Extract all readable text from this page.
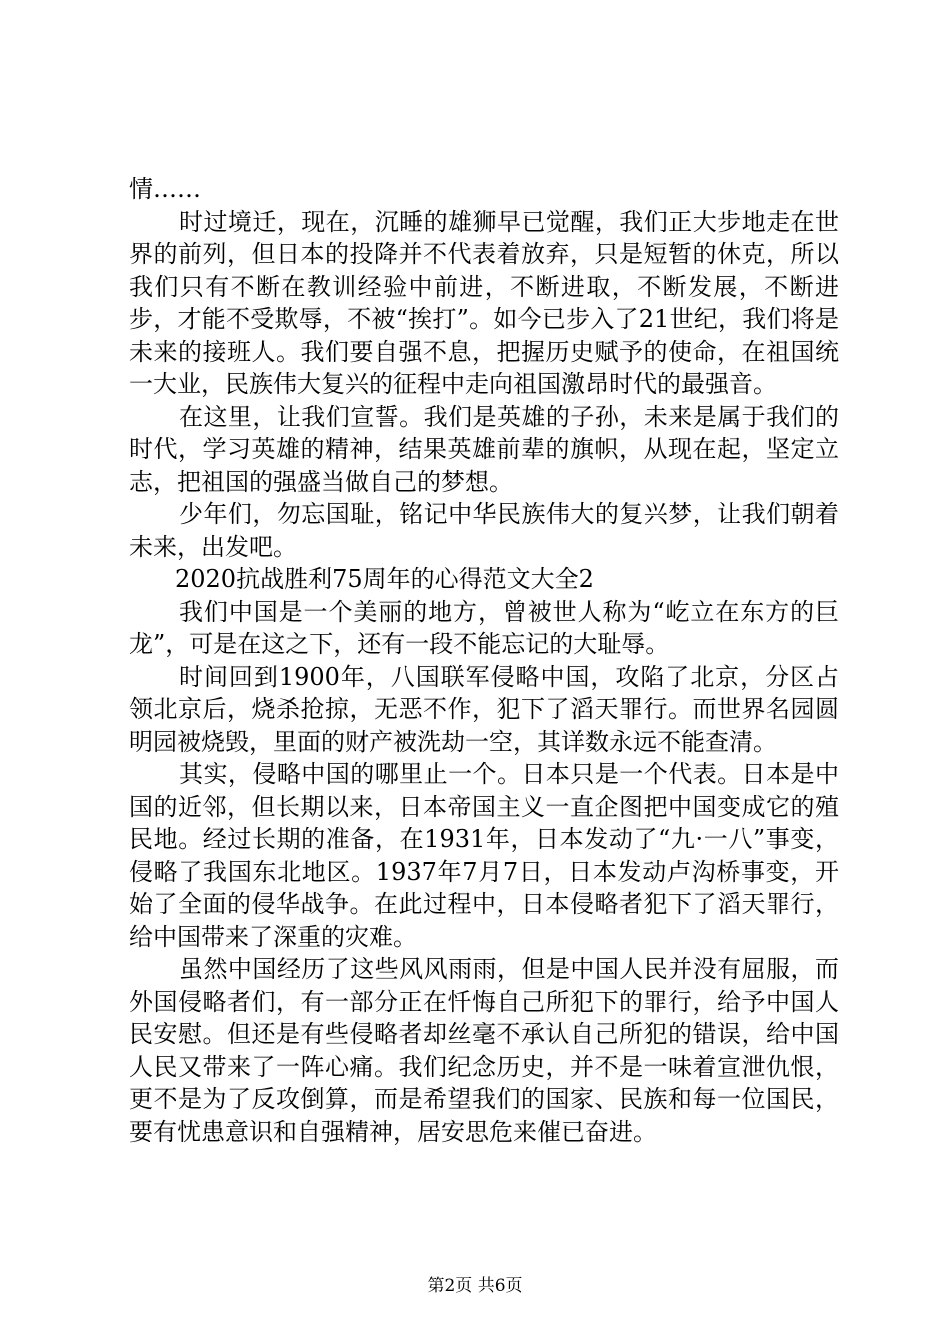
情……

时过境迁，现在，沉睡的雄狮早已觉醒，我们正大步地走在世界的前列，但日本的投降并不代表着放弃，只是短暂的休克，所以我们只有不断在教训经验中前进，不断进取，不断发展，不断进步，才能不受欺辱，不被“挨打”。如今已步入了21世纪，我们将是未来的接班人。我们要自强不息，把握历史赋予的使命，在祖国统一大业，民族伟大复兴的征程中走向祖国激昂时代的最强音。

在这里，让我们宣誓。我们是英雄的子孙，未来是属于我们的时代，学习英雄的精神，结果英雄前辈的旗帜，从现在起，坚定立志，把祖国的强盛当做自己的梦想。

少年们，勿忘国耻，铭记中华民族伟大的复兴梦，让我们朝着未来，出发吧。

2020抗战胜利75周年的心得范文大全2

我们中国是一个美丽的地方，曾被世人称为“屹立在东方的巨龙”，可是在这之下，还有一段不能忘记的大耻辱。

时间回到1900年，八国联军侵略中国，攻陷了北京，分区占领北京后，烧杀抢掠，无恶不作，犯下了滔天罪行。而世界名园圆明园被烧毁，里面的财产被洗劫一空，其详数永远不能查清。

其实，侵略中国的哪里止一个。日本只是一个代表。日本是中国的近邻，但长期以来，日本帝国主义一直企图把中国变成它的殖民地。经过长期的准备，在1931年，日本发动了“九·一八”事变，侵略了我国东北地区。1937年7月7日，日本发动卢沟桥事变，开始了全面的侵华战争。在此过程中，日本侵略者犯下了滔天罪行，给中国带来了深重的灾难。

虽然中国经历了这些风风雨雨，但是中国人民并没有屈服，而外国侵略者们，有一部分正在忏悔自己所犯下的罪行，给予中国人民安慰。但还是有些侵略者却丝毫不承认自己所犯的错误，给中国人民又带来了一阵心痛。我们纪念历史，并不是一味着宣泄仇恨，更不是为了反攻倒算，而是希望我们的国家、民族和每一位国民，要有忧患意识和自强精神，居安思危来催已奋进。

第2页 共6页
